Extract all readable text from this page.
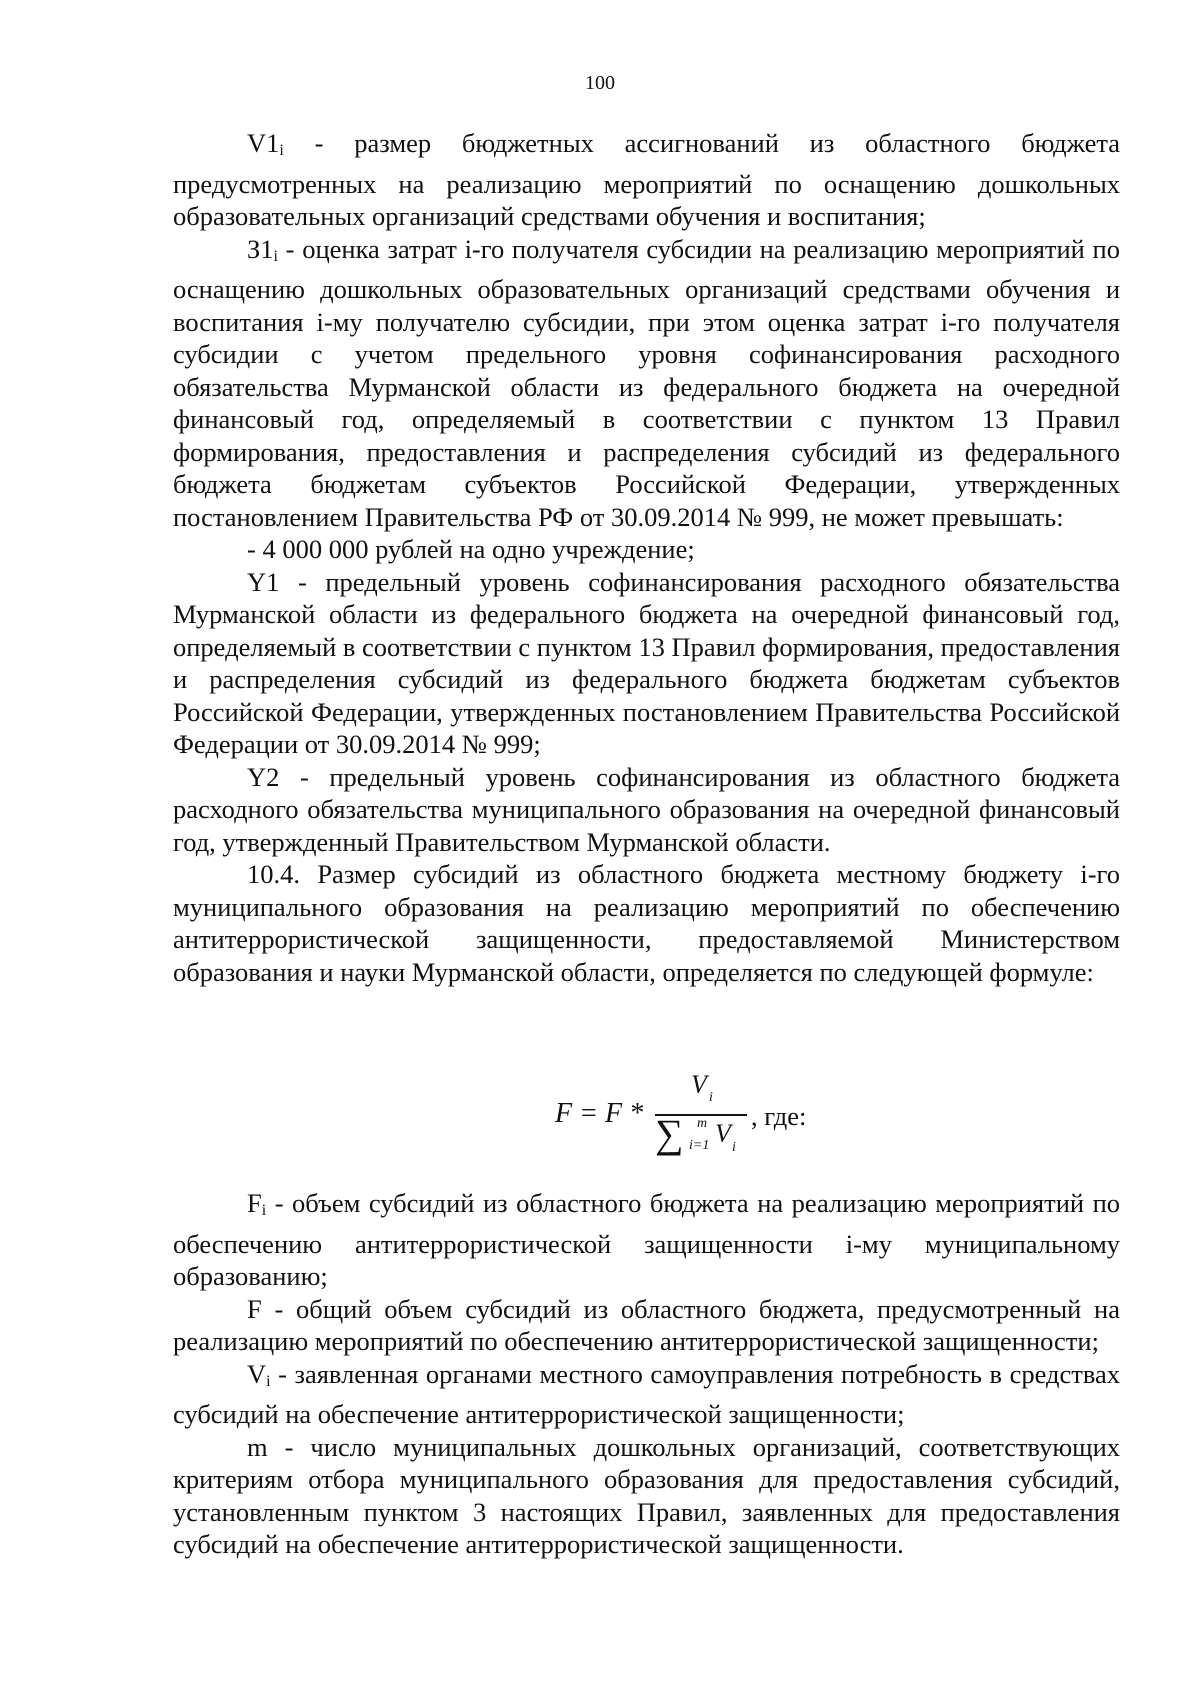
100

V1i - размер бюджетных ассигнований из областного бюджета предусмотренных на реализацию мероприятий по оснащению дошкольных образовательных организаций средствами обучения и воспитания;

З1i - оценка затрат i-го получателя субсидии на реализацию мероприятий по оснащению дошкольных образовательных организаций средствами обучения и воспитания i-му получателю субсидии, при этом оценка затрат i-го получателя субсидии с учетом предельного уровня софинансирования расходного обязательства Мурманской области из федерального бюджета на очередной финансовый год, определяемый в соответствии с пунктом 13 Правил формирования, предоставления и распределения субсидий из федерального бюджета бюджетам субъектов Российской Федерации, утвержденных постановлением Правительства РФ от 30.09.2014 № 999, не может превышать:

- 4 000 000 рублей на одно учреждение;

Y1 - предельный уровень софинансирования расходного обязательства Мурманской области из федерального бюджета на очередной финансовый год, определяемый в соответствии с пунктом 13 Правил формирования, предоставления и распределения субсидий из федерального бюджета бюджетам субъектов Российской Федерации, утвержденных постановлением Правительства Российской Федерации от 30.09.2014 № 999;

Y2 - предельный уровень софинансирования из областного бюджета расходного обязательства муниципального образования на очередной финансовый год, утвержденный Правительством Мурманской области.

10.4. Размер субсидий из областного бюджета местному бюджету i-го муниципального образования на реализацию мероприятий по обеспечению антитеррористической защищенности, предоставляемой Министерством образования и науки Мурманской области, определяется по следующей формуле:

F = F *
V i
∑ m
i=1 V i
, где:

Fi - объем субсидий из областного бюджета на реализацию мероприятий по обеспечению антитеррористической защищенности i-му муниципальному образованию;

F - общий объем субсидий из областного бюджета, предусмотренный на реализацию мероприятий по обеспечению антитеррористической защищенности;

Vi - заявленная органами местного самоуправления потребность в средствах субсидий на обеспечение антитеррористической защищенности;

m - число муниципальных дошкольных организаций, соответствующих критериям отбора муниципального образования для предоставления субсидий, установленным пунктом 3 настоящих Правил, заявленных для предоставления субсидий на обеспечение антитеррористической защищенности.
